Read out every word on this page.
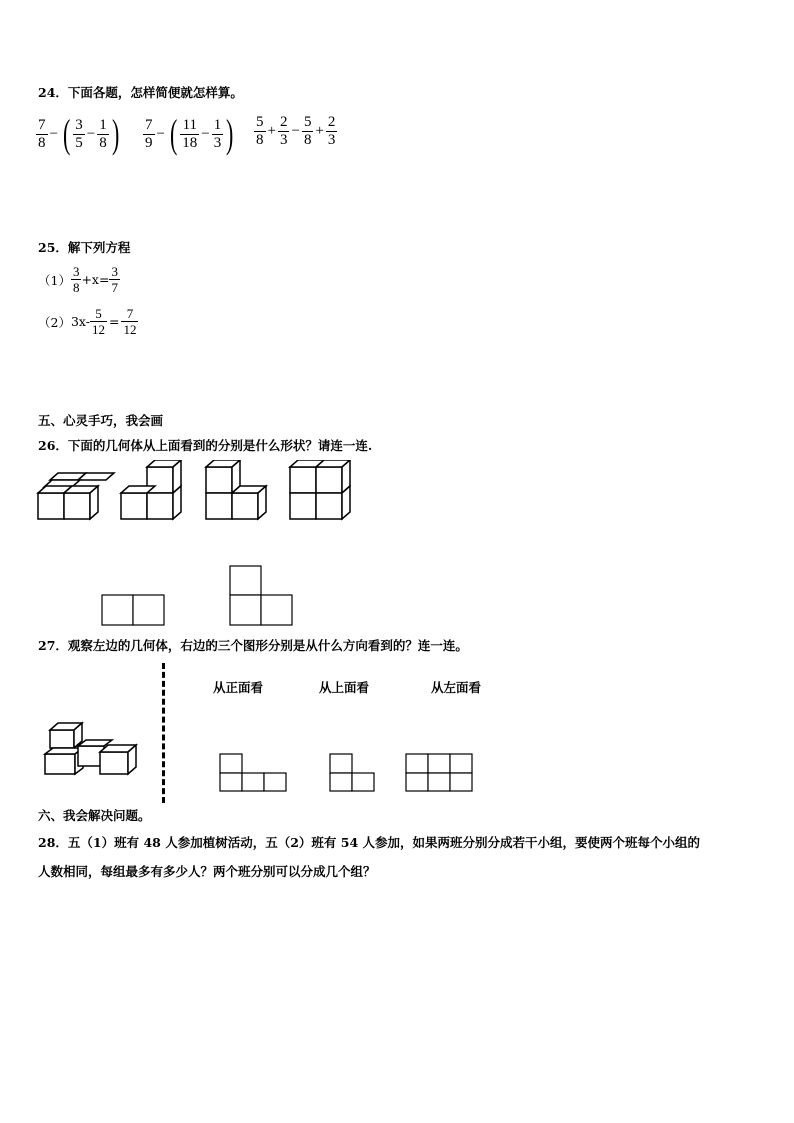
24．下面各题，怎样简便就怎样算。
$\frac{7}{8}$ − ( $\frac{3}{5} - \frac{1}{8}$ ) $\frac{7}{9}$ − ( $\frac{11}{18} - \frac{1}{3}$ ) $\frac{5}{8} + \frac{2}{3} - \frac{5}{8} + \frac{2}{3}$
25．解下列方程
$(1) \frac{3}{8} +x= \frac{3}{7}$
（2） $3x- \frac{5}{12} = \frac{7}{12}$
五、心灵手巧，我会画
26．下面的几何体从上面看到的分别是什么形状？请连一连.
27．观察左边的几何体，右边的三个图形分别是从什么方向看到的？连一连。
从正面看	从上面看	从左面看
六、我会解决问题。
28．五（1）班有 48 人参加植树活动，五（2）班有 54 人参加，如果两班分别分成若干小组，要使两个班每个小组的
人数相同，每组最多有多少人？两个班分别可以分成几个组？
